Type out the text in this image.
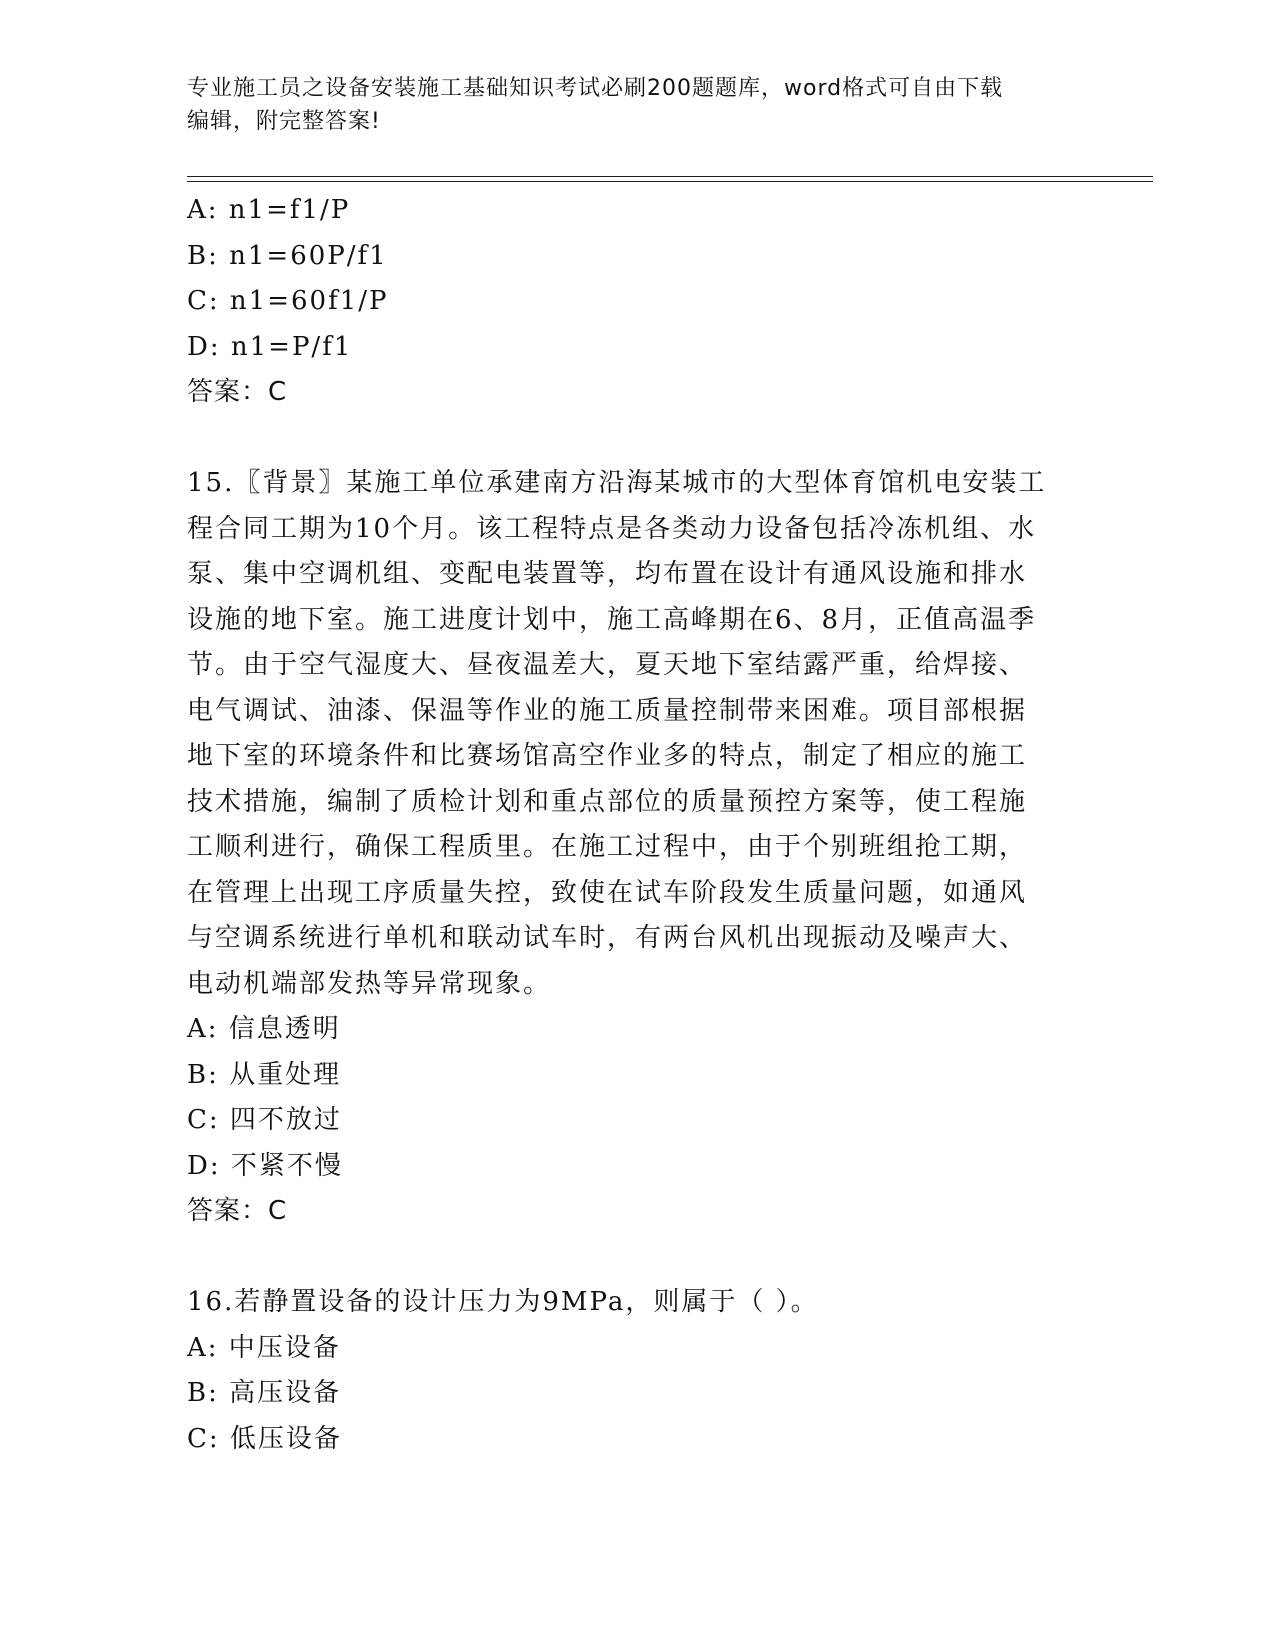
专业施工员之设备安装施工基础知识考试必刷200题题库，word格式可自由下载
编辑，附完整答案!
A: n1=f1/P
B: n1=60P/f1
C: n1=60f1/P
D: n1=P/f1
答案：C
15.〖背景〗某施工单位承建南方沿海某城市的大型体育馆机电安装工
程合同工期为10个月。该工程特点是各类动力设备包括冷冻机组、水
泵、集中空调机组、变配电装置等，均布置在设计有通风设施和排水
设施的地下室。施工进度计划中，施工高峰期在6、8月，正值高温季
节。由于空气湿度大、昼夜温差大，夏天地下室结露严重，给焊接、
电气调试、油漆、保温等作业的施工质量控制带来困难。项目部根据
地下室的环境条件和比赛场馆高空作业多的特点，制定了相应的施工
技术措施，编制了质检计划和重点部位的质量预控方案等，使工程施
工顺利进行，确保工程质里。在施工过程中，由于个别班组抢工期，
在管理上出现工序质量失控，致使在试车阶段发生质量问题，如通风
与空调系统进行单机和联动试车时，有两台风机出现振动及噪声大、
电动机端部发热等异常现象。
A: 信息透明
B: 从重处理
C: 四不放过
D: 不紧不慢
答案：C
16.若静置设备的设计压力为9MPa，则属于（ ）。
A: 中压设备
B: 高压设备
C: 低压设备
